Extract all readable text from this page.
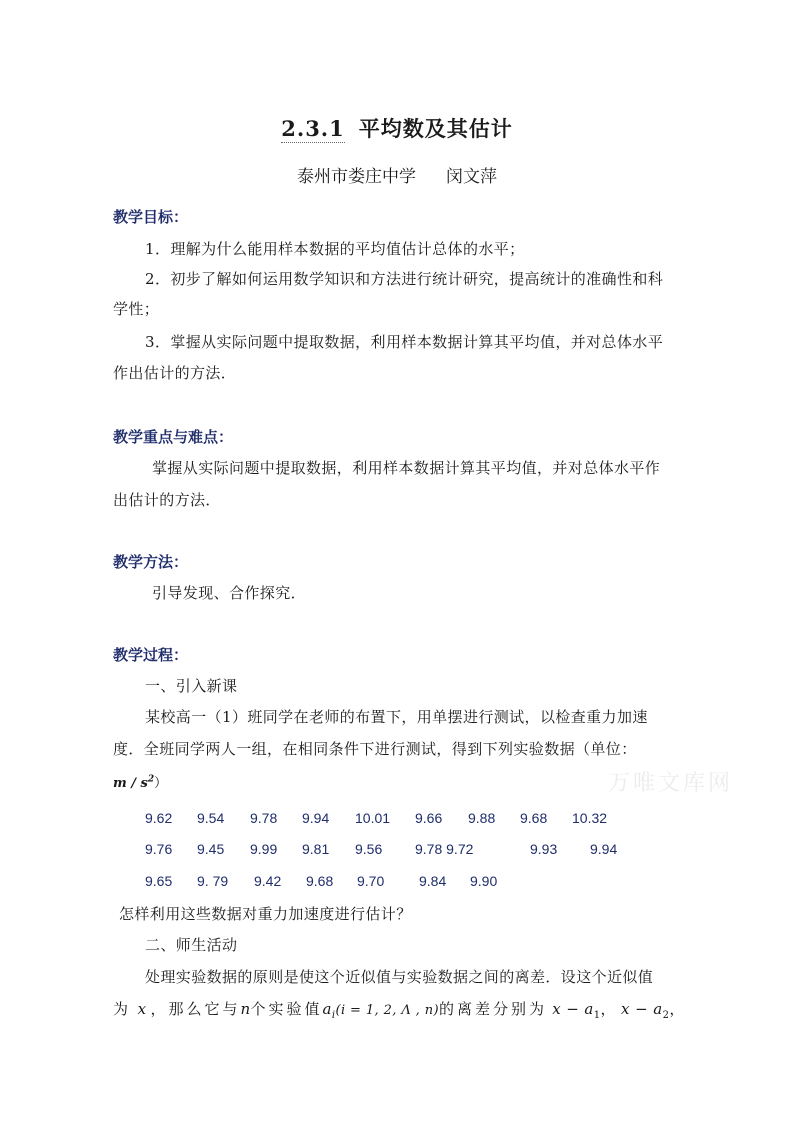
2.3.1 平均数及其估计
泰州市娄庄中学 闵文萍
教学目标：
1．理解为什么能用样本数据的平均值估计总体的水平；
2．初步了解如何运用数学知识和方法进行统计研究，提高统计的准确性和科
学性；
3．掌握从实际问题中提取数据，利用样本数据计算其平均值，并对总体水平
作出估计的方法．
教学重点与难点：
掌握从实际问题中提取数据，利用样本数据计算其平均值，并对总体水平作
出估计的方法．
教学方法：
引导发现、合作探究．
教学过程：
一、引入新课
某校高一（1）班同学在老师的布置下，用单摆进行测试，以检查重力加速
度．全班同学两人一组，在相同条件下进行测试，得到下列实验数据（单位：
m / $s^2$）	万唯文库网
9.62 9.54 9.78 9.94 10.01 9.66 9.88 9.68 10.32
9.76 9.45 9.99 9.81 9.56 9.78 9.72	9.93 9.94
9.65 9. 79 9.42 9.68 9.70 9.84 9.90
怎样利用这些数据对重力加速度进行估计？
二、师生活动
处理实验数据的原则是使这个近似值与实验数据之间的离差．设这个近似值
为 x ，那么它与n个实验值$a_i(i = 1$, 2, Λ , n)的离差分别为 $x - a_1$， $x - a_2$，
